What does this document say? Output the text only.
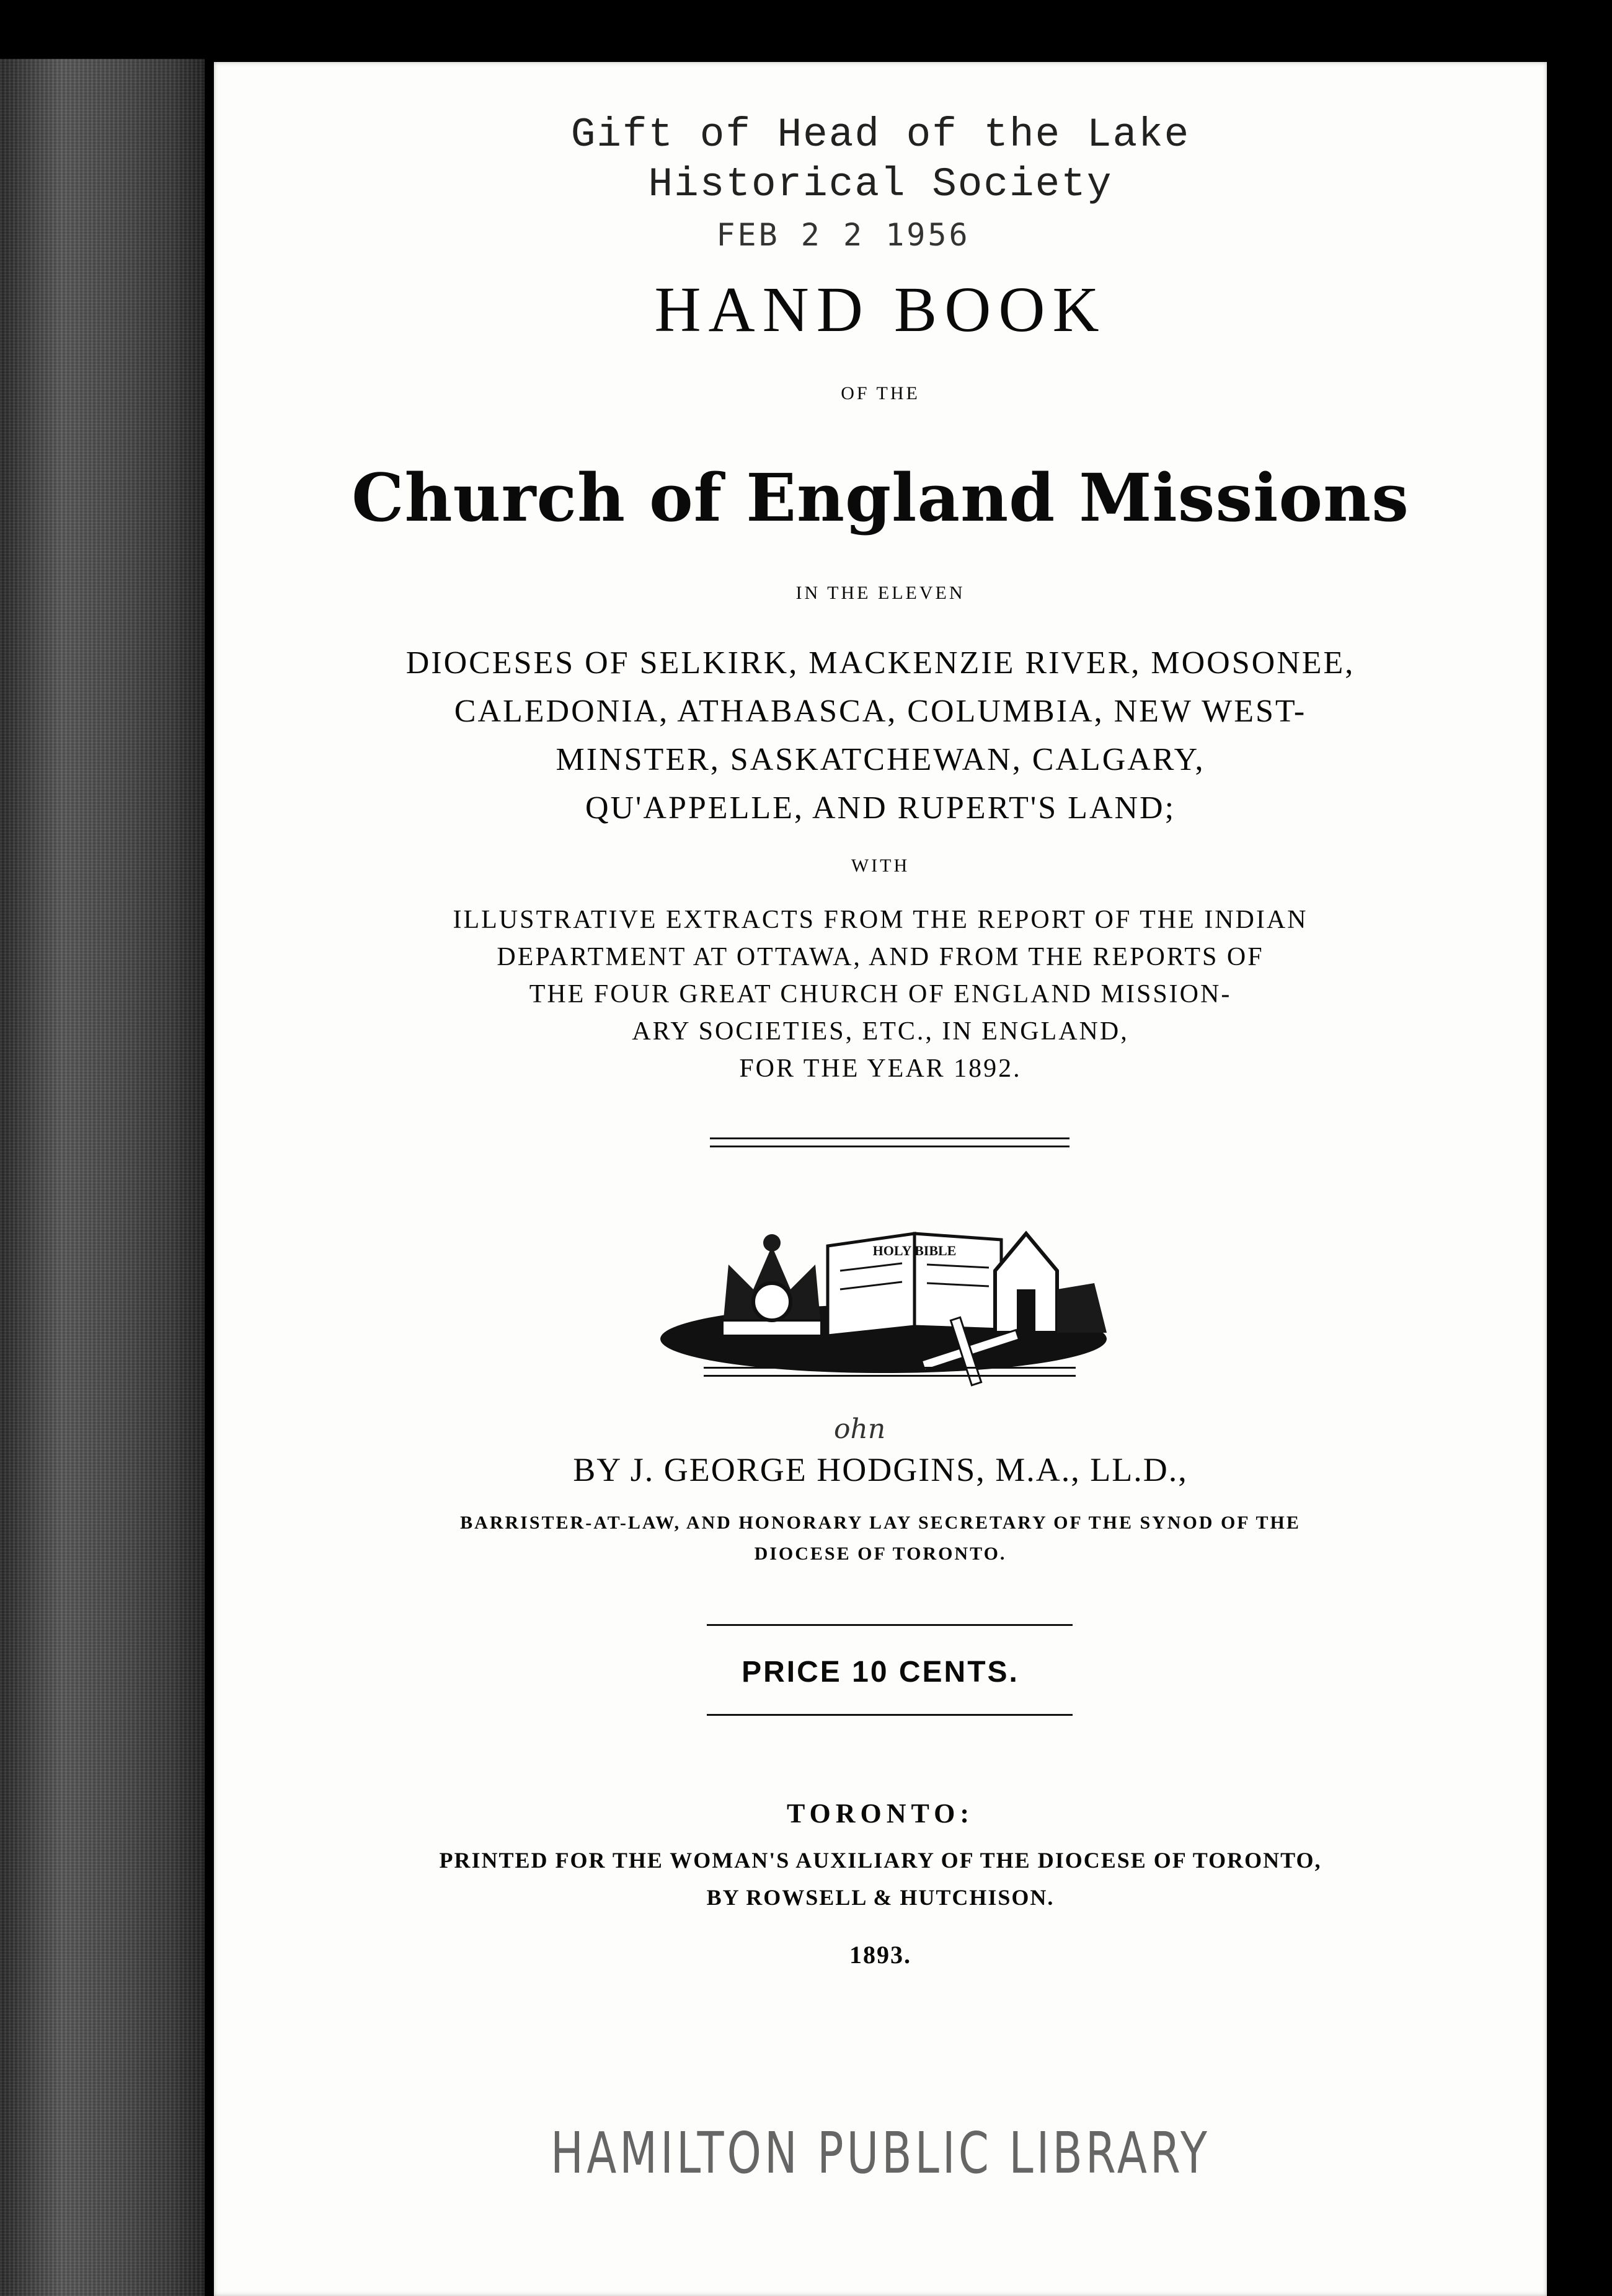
Gift of Head of the Lake
Historical Society
FEB 2 2 1956
HAND BOOK
OF THE
Church of England Missions
IN THE ELEVEN
DIOCESES OF SELKIRK, MACKENZIE RIVER, MOOSONEE,
CALEDONIA, ATHABASCA, COLUMBIA, NEW WEST-
MINSTER, SASKATCHEWAN, CALGARY,
QU'APPELLE, AND RUPERT'S LAND;
WITH
ILLUSTRATIVE EXTRACTS FROM THE REPORT OF THE INDIAN
DEPARTMENT AT OTTAWA, AND FROM THE REPORTS OF
THE FOUR GREAT CHURCH OF ENGLAND MISSION-
ARY SOCIETIES, ETC., IN ENGLAND,
FOR THE YEAR 1892.
HOLY BIBLE
ohn
BY J. GEORGE HODGINS, M.A., LL.D.,
BARRISTER-AT-LAW, AND HONORARY LAY SECRETARY OF THE SYNOD OF THE
DIOCESE OF TORONTO.
PRICE 10 CENTS.
TORONTO:
PRINTED FOR THE WOMAN'S AUXILIARY OF THE DIOCESE OF TORONTO,
BY ROWSELL & HUTCHISON.
1893.
HAMILTON PUBLIC LIBRARY
